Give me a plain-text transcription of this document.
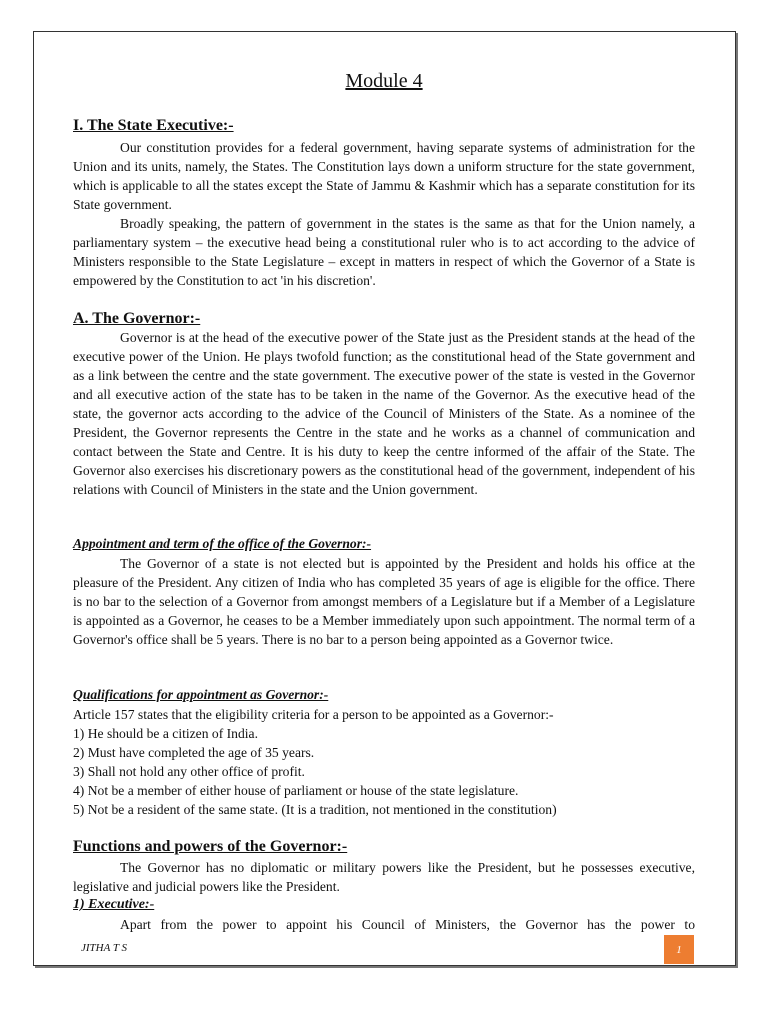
Module 4
I. The State Executive:-

Our constitution provides for a federal government, having separate systems of administration for the Union and its units, namely, the States. The Constitution lays down a uniform structure for the state government, which is applicable to all the states except the State of Jammu & Kashmir which has a separate constitution for its State government.

Broadly speaking, the pattern of government in the states is the same as that for the Union namely, a parliamentary system – the executive head being a constitutional ruler who is to act according to the advice of Ministers responsible to the State Legislature – except in matters in respect of which the Governor of a State is empowered by the Constitution to act 'in his discretion'.

A. The Governor:-

Governor is at the head of the executive power of the State just as the President stands at the head of the executive power of the Union. He plays twofold function; as the constitutional head of the State government and as a link between the centre and the state government. The executive power of the state is vested in the Governor and all executive action of the state has to be taken in the name of the Governor. As the executive head of the state, the governor acts according to the advice of the Council of Ministers of the State. As a nominee of the President, the Governor represents the Centre in the state and he works as a channel of communication and contact between the State and Centre. It is his duty to keep the centre informed of the affair of the State. The Governor also exercises his discretionary powers as the constitutional head of the government, independent of his relations with Council of Ministers in the state and the Union government.

Appointment and term of the office of the Governor:-

The Governor of a state is not elected but is appointed by the President and holds his office at the pleasure of the President. Any citizen of India who has completed 35 years of age is eligible for the office. There is no bar to the selection of a Governor from amongst members of a Legislature but if a Member of a Legislature is appointed as a Governor, he ceases to be a Member immediately upon such appointment. The normal term of a Governor's office shall be 5 years. There is no bar to a person being appointed as a Governor twice.

Qualifications for appointment as Governor:-

Article 157 states that the eligibility criteria for a person to be appointed as a Governor:-

1) He should be a citizen of India.

2) Must have completed the age of 35 years.

3) Shall not hold any other office of profit.

4) Not be a member of either house of parliament or house of the state legislature.

5) Not be a resident of the same state. (It is a tradition, not mentioned in the constitution)

Functions and powers of the Governor:-

The Governor has no diplomatic or military powers like the President, but he possesses executive, legislative and judicial powers like the President.

1) Executive:-

Apart from the power to appoint his Council of Ministers, the Governor has the power to

JITHA T S	1
